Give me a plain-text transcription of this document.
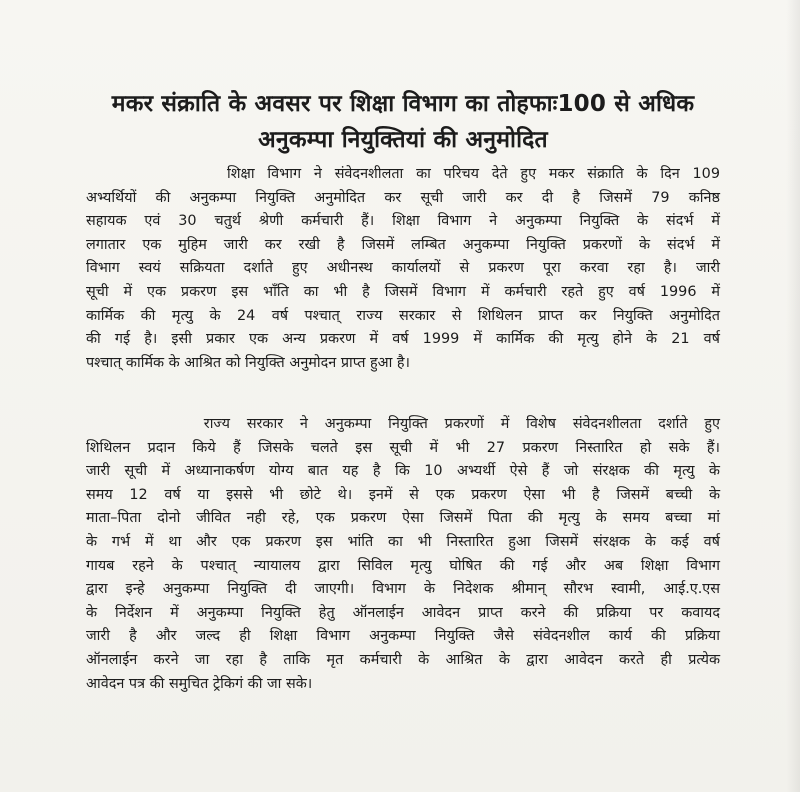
मकर संक्राति के अवसर पर शिक्षा विभाग का तोहफाः100 से अधिक
अनुकम्पा नियुक्तियां की अनुमोदित

शिक्षा विभाग ने संवेदनशीलता का परिचय देते हुए मकर संक्राति के दिन 109
अभ्यर्थियों की अनुकम्पा नियुक्ति अनुमोदित कर सूची जारी कर दी है जिसमें 79 कनिष्ठ
सहायक एवं 30 चतुर्थ श्रेणी कर्मचारी हैं। शिक्षा विभाग ने अनुकम्पा नियुक्ति के संदर्भ में
लगातार एक मुहिम जारी कर रखी है जिसमें लम्बित अनुकम्पा नियुक्ति प्रकरणों के संदर्भ में
विभाग स्वयं सक्रियता दर्शाते हुए अधीनस्थ कार्यालयों से प्रकरण पूरा करवा रहा है। जारी
सूची में एक प्रकरण इस भाँति का भी है जिसमें विभाग में कर्मचारी रहते हुए वर्ष 1996 में
कार्मिक की मृत्यु के 24 वर्ष पश्चात् राज्य सरकार से शिथिलन प्राप्त कर नियुक्ति अनुमोदित
की गई है। इसी प्रकार एक अन्य प्रकरण में वर्ष 1999 में कार्मिक की मृत्यु होने के 21 वर्ष
पश्चात् कार्मिक के आश्रित को नियुक्ति अनुमोदन प्राप्त हुआ है।

राज्य सरकार ने अनुकम्पा नियुक्ति प्रकरणों में विशेष संवेदनशीलता दर्शाते हुए
शिथिलन प्रदान किये हैं जिसके चलते इस सूची में भी 27 प्रकरण निस्तारित हो सके हैं।
जारी सूची में अध्यानाकर्षण योग्य बात यह है कि 10 अभ्यर्थी ऐसे हैं जो संरक्षक की मृत्यु के
समय 12 वर्ष या इससे भी छोटे थे। इनमें से एक प्रकरण ऐसा भी है जिसमें बच्ची के
माता–पिता दोनो जीवित नही रहे, एक प्रकरण ऐसा जिसमें पिता की मृत्यु के समय बच्चा मां
के गर्भ में था और एक प्रकरण इस भांति का भी निस्तारित हुआ जिसमें संरक्षक के कई वर्ष
गायब रहने के पश्चात् न्यायालय द्वारा सिविल मृत्यु घोषित की गई और अब शिक्षा विभाग
द्वारा इन्हे अनुकम्पा नियुक्ति दी जाएगी। विभाग के निदेशक श्रीमान् सौरभ स्वामी, आई.ए.एस
के निर्देशन में अनुकम्पा नियुक्ति हेतु ऑनलाईन आवेदन प्राप्त करने की प्रक्रिया पर कवायद
जारी है और जल्द ही शिक्षा विभाग अनुकम्पा नियुक्ति जैसे संवेदनशील कार्य की प्रक्रिया
ऑनलाईन करने जा रहा है ताकि मृत कर्मचारी के आश्रित के द्वारा आवेदन करते ही प्रत्येक
आवेदन पत्र की समुचित ट्रेकिगं की जा सके।
